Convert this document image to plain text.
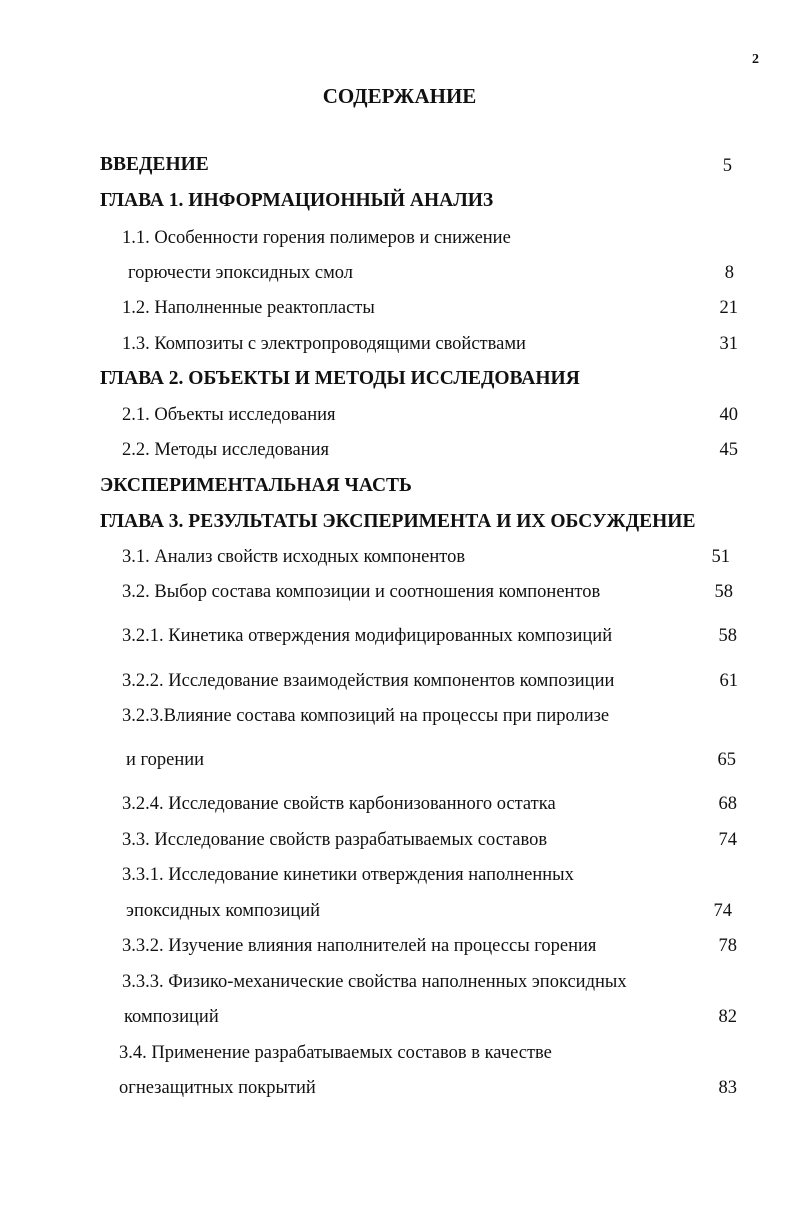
2
СОДЕРЖАНИЕ
ВВЕДЕНИЕ	5
ГЛАВА 1. ИНФОРМАЦИОННЫЙ АНАЛИЗ
1.1. Особенности горения полимеров и снижение
горючести эпоксидных смол	8
1.2. Наполненные реактопласты	21
1.3. Композиты с электропроводящими свойствами	31
ГЛАВА 2. ОБЪЕКТЫ И МЕТОДЫ ИССЛЕДОВАНИЯ
2.1. Объекты исследования	40
2.2. Методы исследования	45
ЭКСПЕРИМЕНТАЛЬНАЯ ЧАСТЬ
ГЛАВА 3. РЕЗУЛЬТАТЫ ЭКСПЕРИМЕНТА И ИХ ОБСУЖДЕНИЕ
3.1. Анализ свойств исходных компонентов	51
3.2. Выбор состава композиции и соотношения компонентов	58
3.2.1. Кинетика отверждения модифицированных композиций	58
3.2.2. Исследование взаимодействия компонентов композиции	61
3.2.3.Влияние состава композиций на процессы при пиролизе
и горении	65
3.2.4. Исследование свойств карбонизованного остатка	68
3.3. Исследование свойств разрабатываемых составов	74
3.3.1. Исследование кинетики отверждения наполненных
эпоксидных композиций	74
3.3.2. Изучение влияния наполнителей на процессы горения	78
3.3.3. Физико-механические свойства наполненных эпоксидных
композиций	82
3.4. Применение разрабатываемых составов в качестве
огнезащитных покрытий	83
